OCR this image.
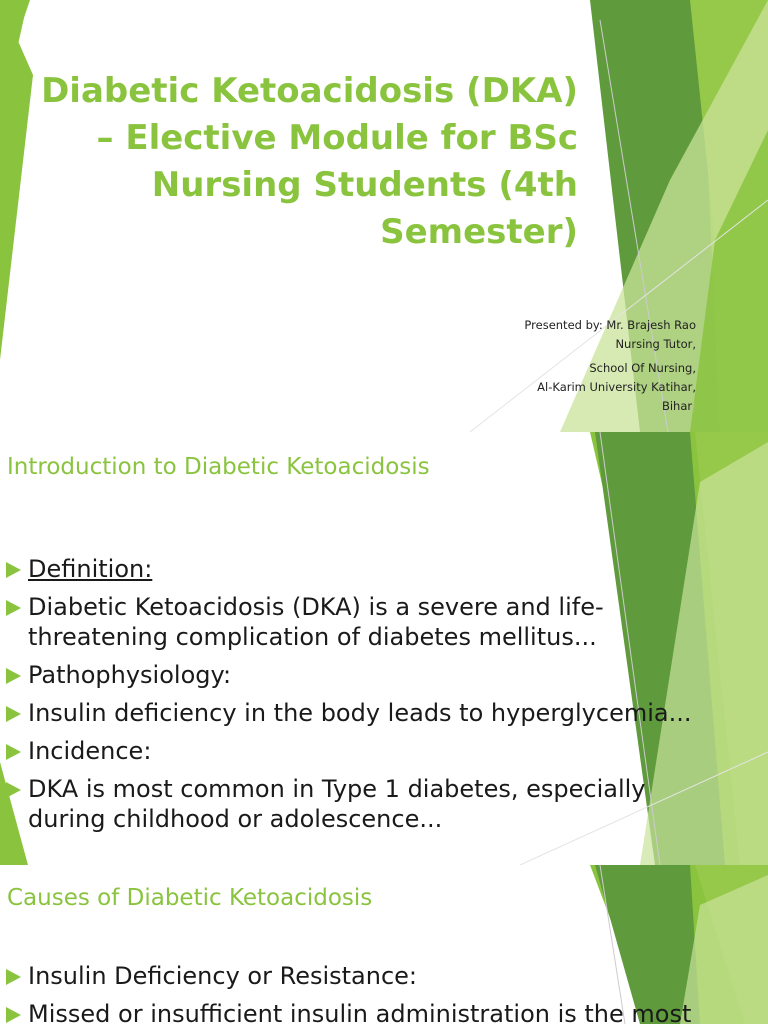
Diabetic Ketoacidosis (DKA) – Elective Module for BSc Nursing Students (4th Semester)
Presented by: Mr. Brajesh Rao
Nursing Tutor,
School Of Nursing,
Al-Karim University Katihar,
Bihar|
Introduction to Diabetic Ketoacidosis
Definition:
Diabetic Ketoacidosis (DKA) is a severe and life-
threatening complication of diabetes mellitus...
Pathophysiology:
Insulin deficiency in the body leads to hyperglycemia...
Incidence:
DKA is most common in Type 1 diabetes, especially
during childhood or adolescence...
Causes of Diabetic Ketoacidosis
Insulin Deficiency or Resistance:
Missed or insufficient insulin administration is the most
